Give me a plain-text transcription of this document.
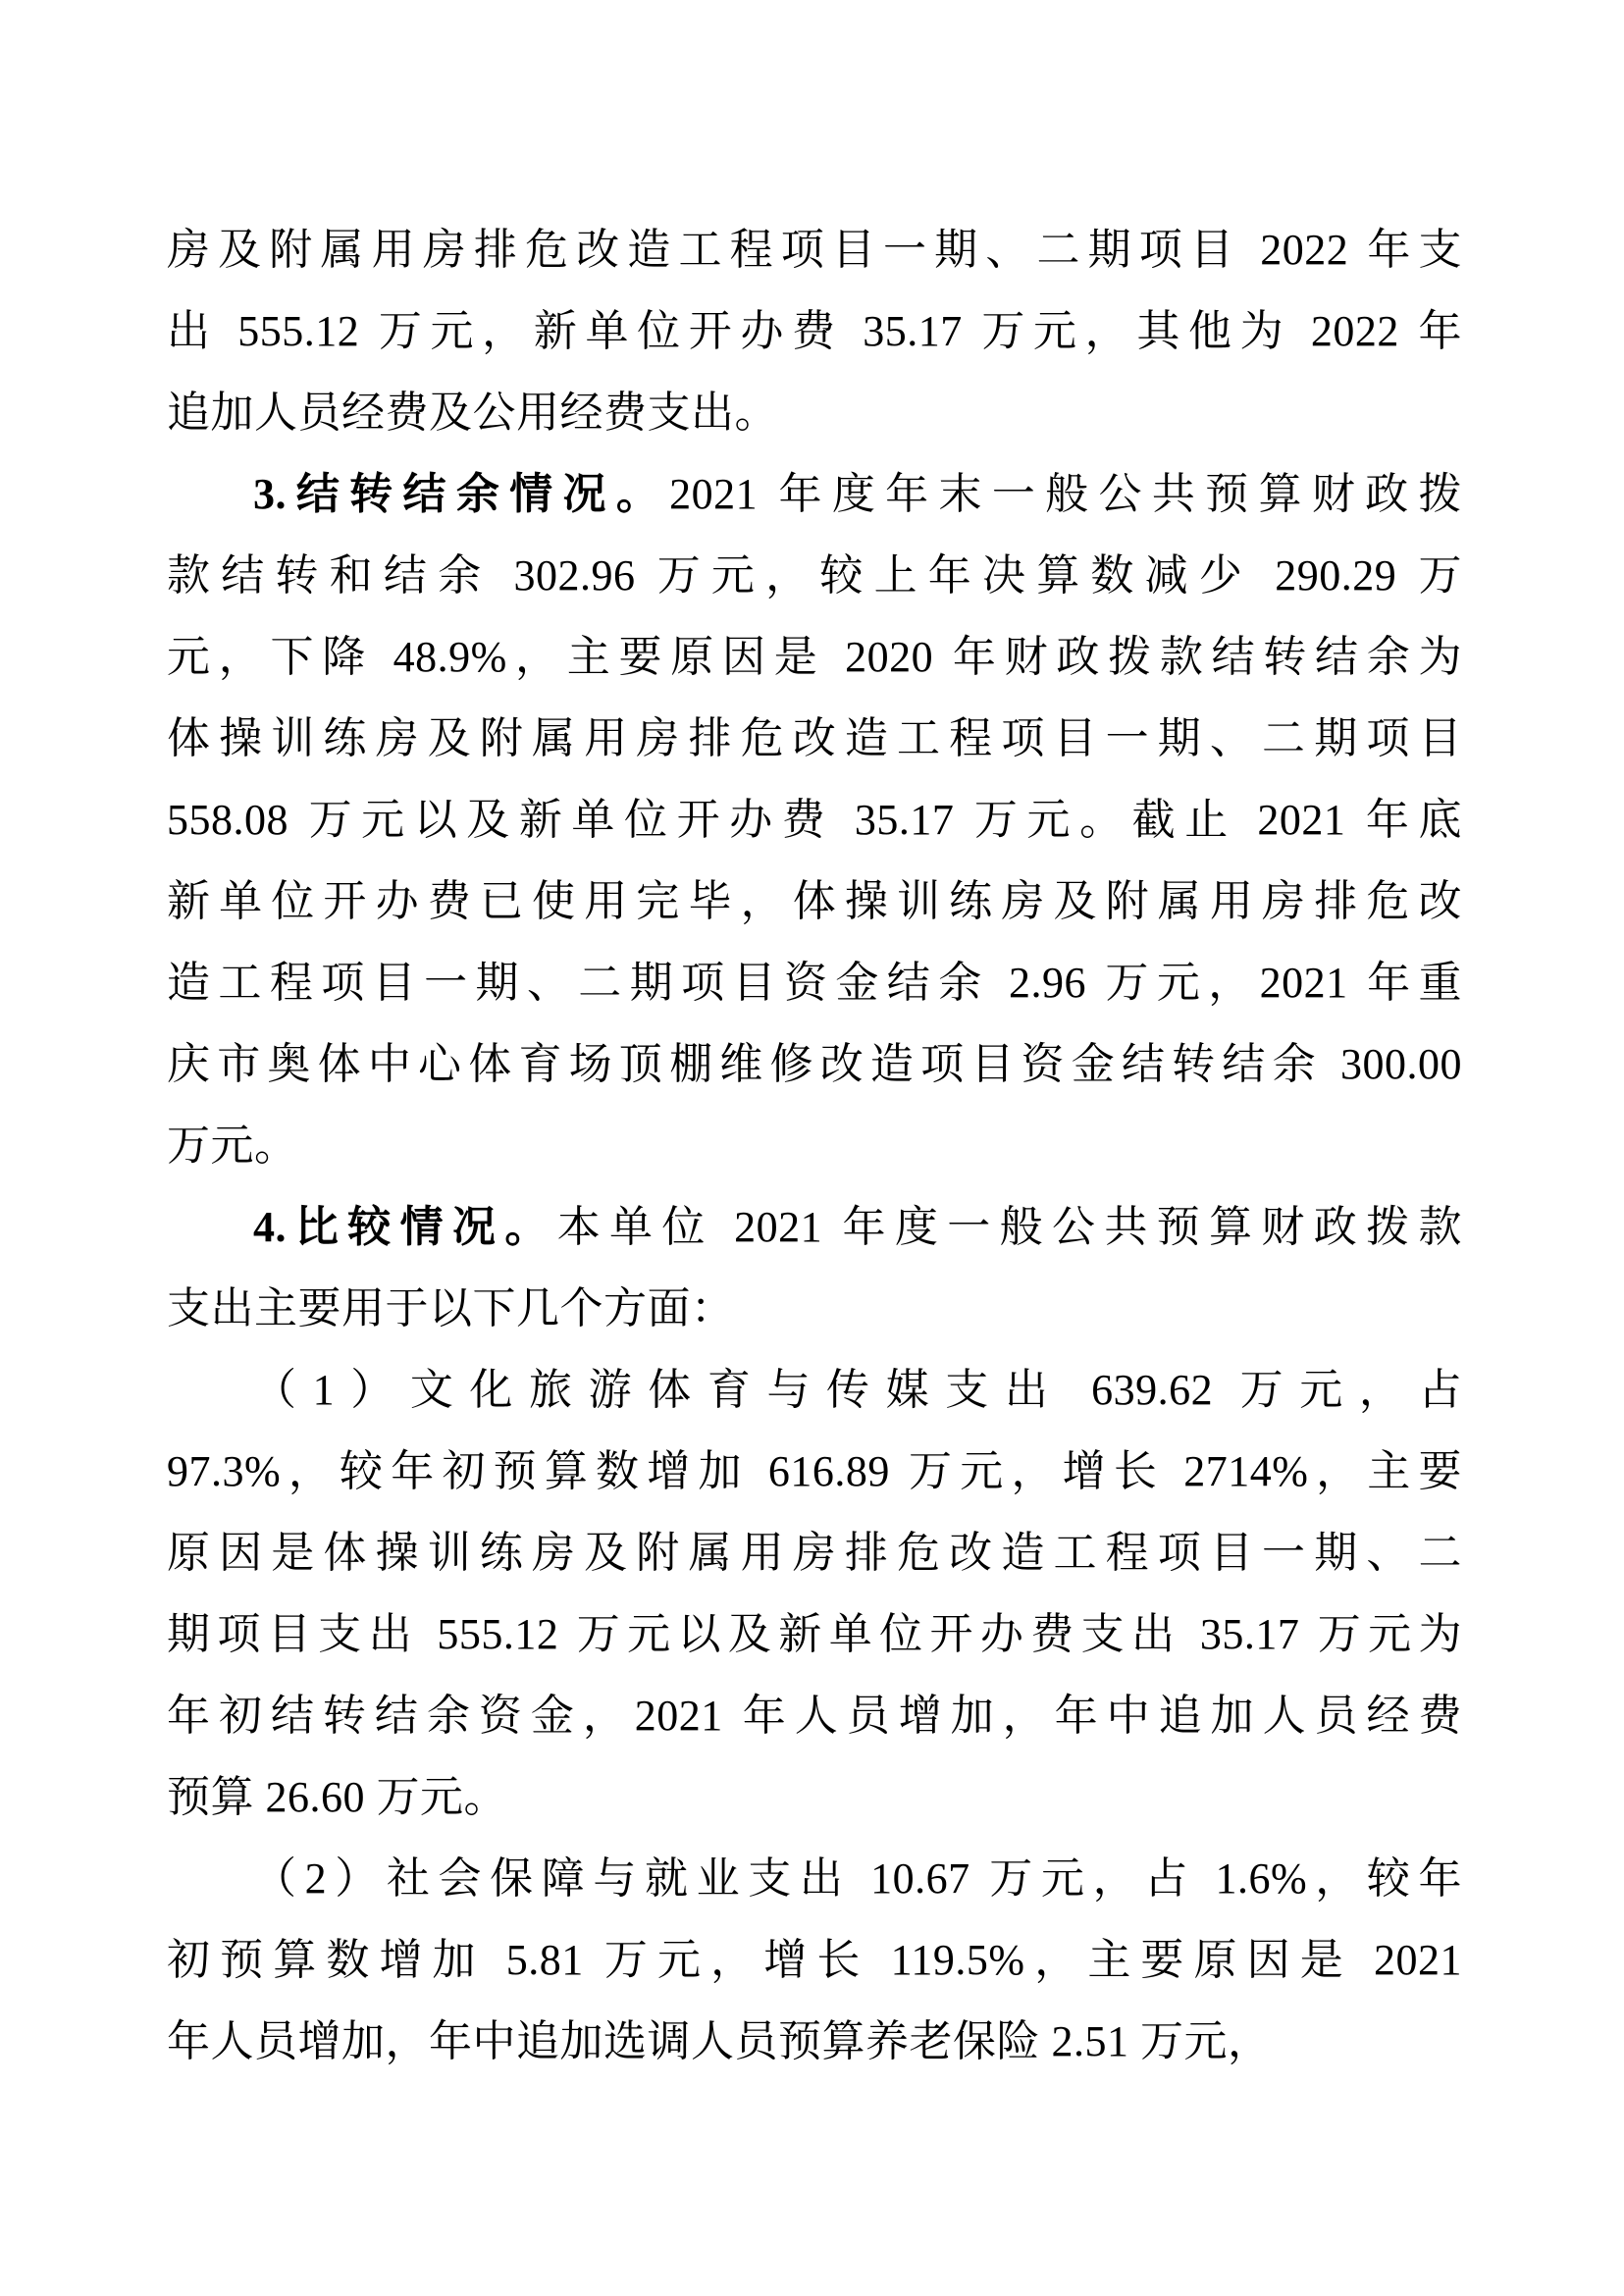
房及附属用房排危改造工程项目一期、二期项目 2022 年支
出 555.12 万元，新单位开办费 35.17 万元，其他为 2022 年
追加人员经费及公用经费支出。
3.结转结余情况。2021 年度年末一般公共预算财政拨
款结转和结余 302.96 万元，较上年决算数减少 290.29 万
元，下降 48.9%，主要原因是 2020 年财政拨款结转结余为
体操训练房及附属用房排危改造工程项目一期、二期项目
558.08 万元以及新单位开办费 35.17 万元。截止 2021 年底
新单位开办费已使用完毕，体操训练房及附属用房排危改
造工程项目一期、二期项目资金结余 2.96 万元，2021 年重
庆市奥体中心体育场顶棚维修改造项目资金结转结余 300.00
万元。
4.比较情况。本单位 2021 年度一般公共预算财政拨款
支出主要用于以下几个方面：
（1）文化旅游体育与传媒支出 639.62 万元，占
97.3%，较年初预算数增加 616.89 万元，增长 2714%，主要
原因是体操训练房及附属用房排危改造工程项目一期、二
期项目支出 555.12 万元以及新单位开办费支出 35.17 万元为
年初结转结余资金，2021 年人员增加，年中追加人员经费
预算 26.60 万元。
（2）社会保障与就业支出 10.67 万元，占 1.6%，较年
初预算数增加 5.81 万元，增长 119.5%，主要原因是 2021
年人员增加，年中追加选调人员预算养老保险 2.51 万元，
